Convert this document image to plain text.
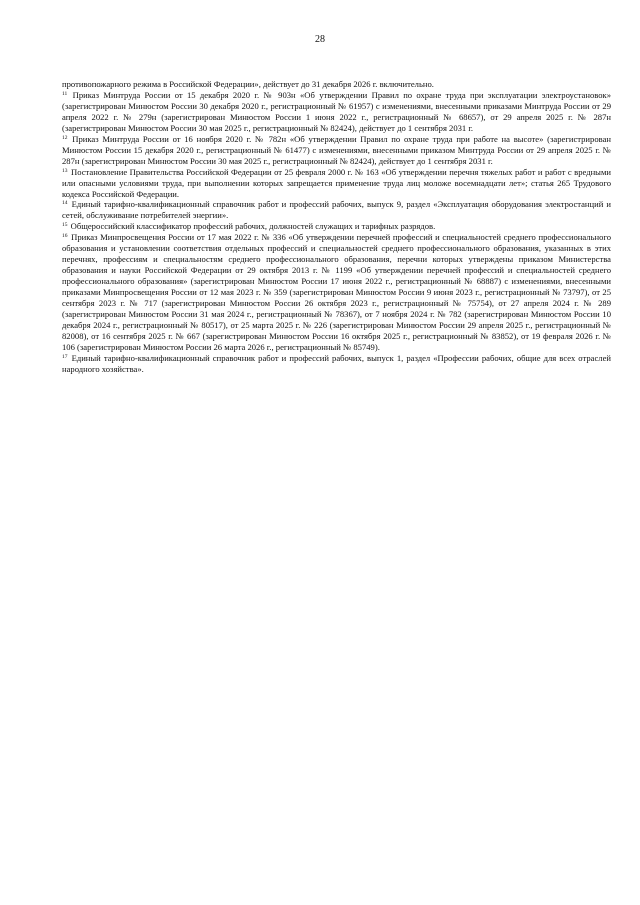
28

противопожарного режима в Российской Федерации», действует до 31 декабря 2026 г. включительно.

$^{11}$ Приказ Минтруда России от 15 декабря 2020 г. № 903н «Об утверждении Правил по охране труда при эксплуатации электроустановок» (зарегистрирован Минюстом России 30 декабря 2020 г., регистрационный № 61957) с изменениями, внесенными приказами Минтруда России от 29 апреля 2022 г. № 279н (зарегистрирован Минюстом России 1 июня 2022 г., регистрационный № 68657), от 29 апреля 2025 г. № 287н (зарегистрирован Минюстом России 30 мая 2025 г., регистрационный № 82424), действует до 1 сентября 2031 г.

$^{12}$ Приказ Минтруда России от 16 ноября 2020 г. № 782н «Об утверждении Правил по охране труда при работе на высоте» (зарегистрирован Минюстом России 15 декабря 2020 г., регистрационный № 61477) с изменениями, внесенными приказом Минтруда России от 29 апреля 2025 г. № 287н (зарегистрирован Минюстом России 30 мая 2025 г., регистрационный № 82424), действует до 1 сентября 2031 г.

$^{13}$ Постановление Правительства Российской Федерации от 25 февраля 2000 г. № 163 «Об утверждении перечня тяжелых работ и работ с вредными или опасными условиями труда, при выполнении которых запрещается применение труда лиц моложе восемнадцати лет»; статья 265 Трудового кодекса Российской Федерации.

$^{14}$ Единый тарифно-квалификационный справочник работ и профессий рабочих, выпуск 9, раздел «Эксплуатация оборудования электростанций и сетей, обслуживание потребителей энергии».

$^{15}$ Общероссийский классификатор профессий рабочих, должностей служащих и тарифных разрядов.

$^{16}$ Приказ Минпросвещения России от 17 мая 2022 г. № 336 «Об утверждении перечней профессий и специальностей среднего профессионального образования и установлении соответствия отдельных профессий и специальностей среднего профессионального образования, указанных в этих перечнях, профессиям и специальностям среднего профессионального образования, перечни которых утверждены приказом Министерства образования и науки Российской Федерации от 29 октября 2013 г. № 1199 «Об утверждении перечней профессий и специальностей среднего профессионального образования» (зарегистрирован Минюстом России 17 июня 2022 г., регистрационный № 68887) с изменениями, внесенными приказами Минпросвещения России от 12 мая 2023 г. № 359 (зарегистрирован Минюстом России 9 июня 2023 г., регистрационный № 73797), от 25 сентября 2023 г. № 717 (зарегистрирован Минюстом России 26 октября 2023 г., регистрационный № 75754), от 27 апреля 2024 г. № 289 (зарегистрирован Минюстом России 31 мая 2024 г., регистрационный № 78367), от 7 ноября 2024 г. № 782 (зарегистрирован Минюстом России 10 декабря 2024 г., регистрационный № 80517), от 25 марта 2025 г. № 226 (зарегистрирован Минюстом России 29 апреля 2025 г., регистрационный № 82008), от 16 сентября 2025 г. № 667 (зарегистрирован Минюстом России 16 октября 2025 г., регистрационный № 83852), от 19 февраля 2026 г. № 106 (зарегистрирован Минюстом России 26 марта 2026 г., регистрационный № 85749).

$^{17}$ Единый тарифно-квалификационный справочник работ и профессий рабочих, выпуск 1, раздел «Профессии рабочих, общие для всех отраслей народного хозяйства».
